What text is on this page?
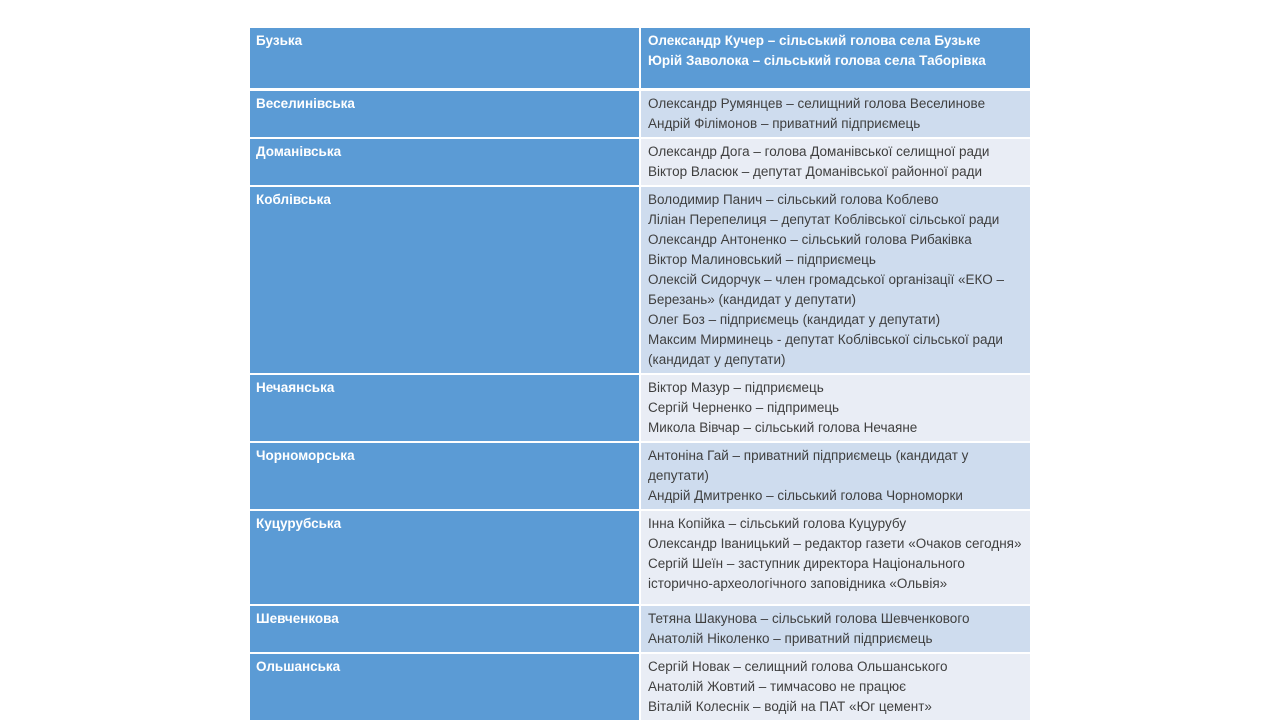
Бузька	Олександр Кучер – сільський голова села Бузьке
Юрій Заволока – сільський голова села Таборівка
Веселинівська	Олександр Румянцев – селищний голова Веселинове
Андрій Філімонов – приватний підприємець
Доманівська	Олександр Дога – голова Доманівської селищної ради
Віктор Власюк – депутат Доманівської районної ради
Коблівська	Володимир Панич – сільський голова Коблево
Ліліан Перепелиця – депутат Коблівської сільської ради
Олександр Антоненко – сільський голова Рибаківка
Віктор Малиновський – підприємець
Олексій Сидорчук – член громадської організації «ЕКО – Березань» (кандидат у депутати)
Олег Боз – підприємець (кандидат у депутати)
Максим Мирминець - депутат Коблівської сільської ради (кандидат у депутати)
Нечаянська	Віктор Мазур – підприємець
Сергій Черненко – підпримець
Микола Вівчар – сільський голова Нечаяне
Чорноморська	Антоніна Гай – приватний підприємець (кандидат у депутати)
Андрій Дмитренко – сільський голова Чорноморки
Куцурубська	Інна Копійка – сільський голова Куцурубу
Олександр Іваницький – редактор газети «Очаков сегодня»
Сергій Шеїн – заступник директора Національного історично-археологічного заповідника «Ольвія»
Шевченкова	Тетяна Шакунова – сільський голова Шевченкового
Анатолій Ніколенко – приватний підприємець
Ольшанська	Сергій Новак – селищний голова Ольшанського
Анатолій Жовтий – тимчасово не працює
Віталій Колеснік – водій на ПАТ «Юг цемент»
